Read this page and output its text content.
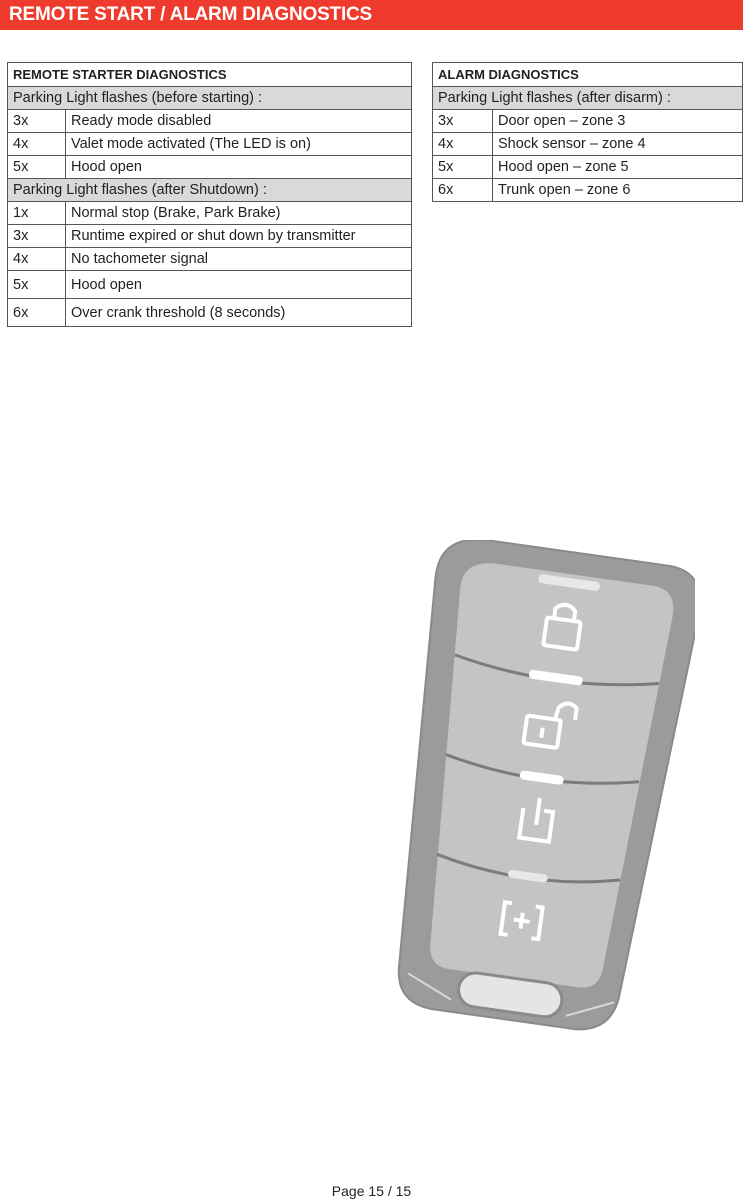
REMOTE START / ALARM DIAGNOSTICS
REMOTE STARTER DIAGNOSTICS	
Parking Light flashes (before starting) :	
3x	Ready mode disabled
4x	Valet mode activated (The LED is on)
5x	Hood open
Parking Light flashes (after Shutdown) :	
1x	Normal stop (Brake, Park Brake)
3x	Runtime expired or shut down by transmitter
4x	No tachometer signal
5x	Hood open
6x	Over crank threshold (8 seconds)
ALARM DIAGNOSTICS	
Parking Light flashes (after disarm) :	
3x	Door open – zone 3
4x	Shock sensor – zone 4
5x	Hood open – zone 5
6x	Trunk open – zone 6
Page 15 / 15
